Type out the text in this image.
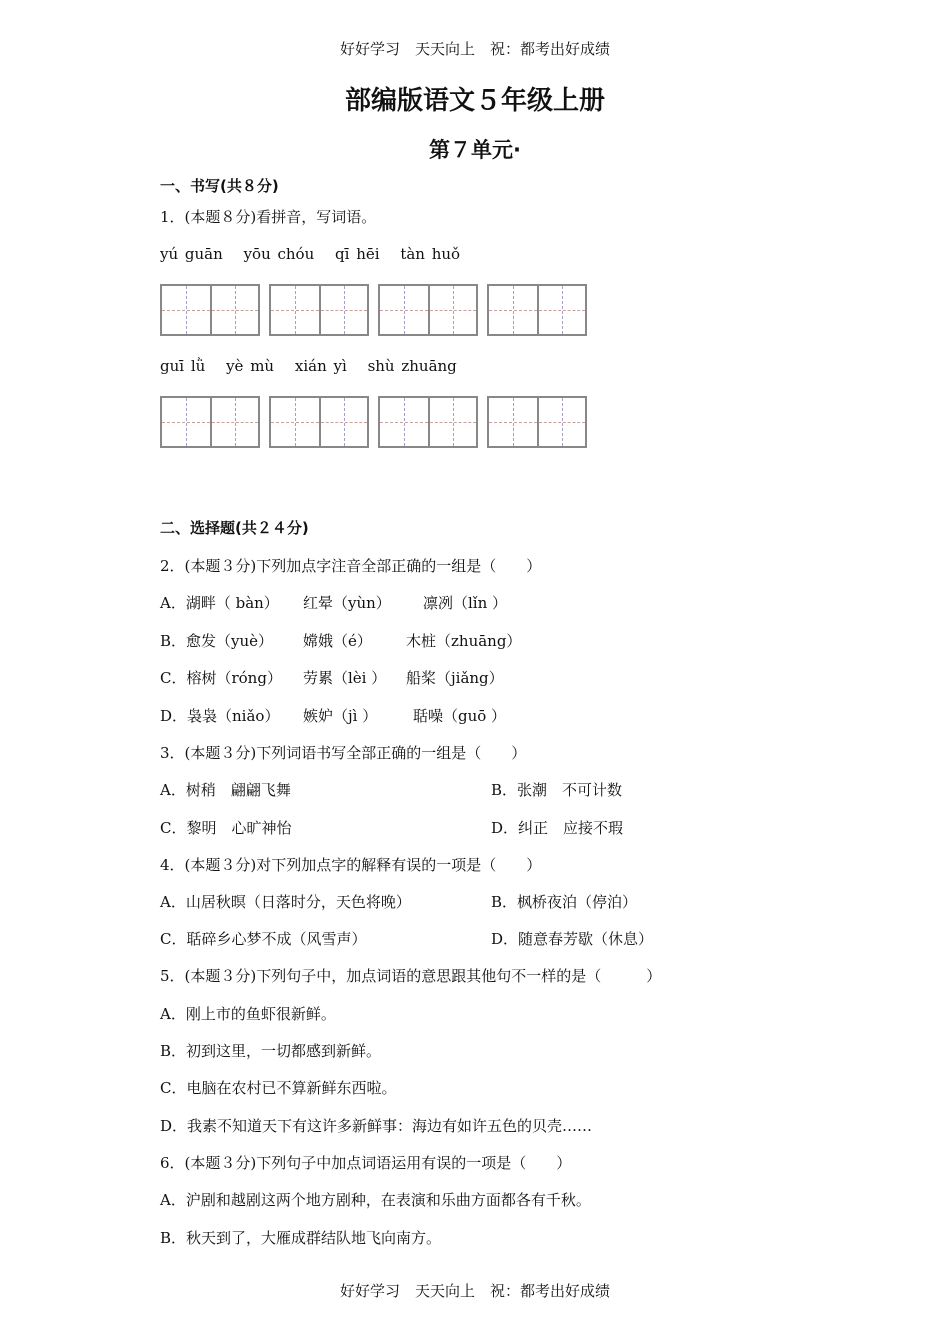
好好学习　天天向上　祝：都考出好成绩
部编版语文５年级上册
第７单元·
一、书写(共８分)
1．(本题８分)看拼音，写词语。
yú guān yōu chóu qī hēi tàn huǒ
guī lǜ yè mù xián yì shù zhuāng
二、选择题(共２４分)
2．(本题３分)下列加点字注音全部正确的一组是（　　）
A．湖畔（ bàn） 红晕（yùn） 凛冽（lǐn ）
B．愈发（yuè） 嫦娥（é） 木桩（zhuāng）
C．榕树（róng） 劳累（lèi ） 船桨（jiǎng）
D．袅袅（niǎo） 嫉妒（jì ） 聒噪（guō ）
3．(本题３分)下列词语书写全部正确的一组是（　　）
A．树稍　翩翩飞舞	B．张潮　不可计数
C．黎明　心旷神怡	D．纠正　应接不瑕
4．(本题３分)对下列加点字的解释有误的一项是（　　）
A．山居秋暝（日落时分，天色将晚）	B．枫桥夜泊（停泊）
C．聒碎乡心梦不成（风雪声）	D．随意春芳歇（休息）
5．(本题３分)下列句子中，加点词语的意思跟其他句不一样的是（　　　）
A．刚上市的鱼虾很新鲜。
B．初到这里，一切都感到新鲜。
C．电脑在农村已不算新鲜东西啦。
D．我素不知道天下有这许多新鲜事：海边有如许五色的贝壳……
6．(本题３分)下列句子中加点词语运用有误的一项是（　　）
A．沪剧和越剧这两个地方剧种，在表演和乐曲方面都各有千秋。
B．秋天到了，大雁成群结队地飞向南方。
好好学习　天天向上　祝：都考出好成绩
